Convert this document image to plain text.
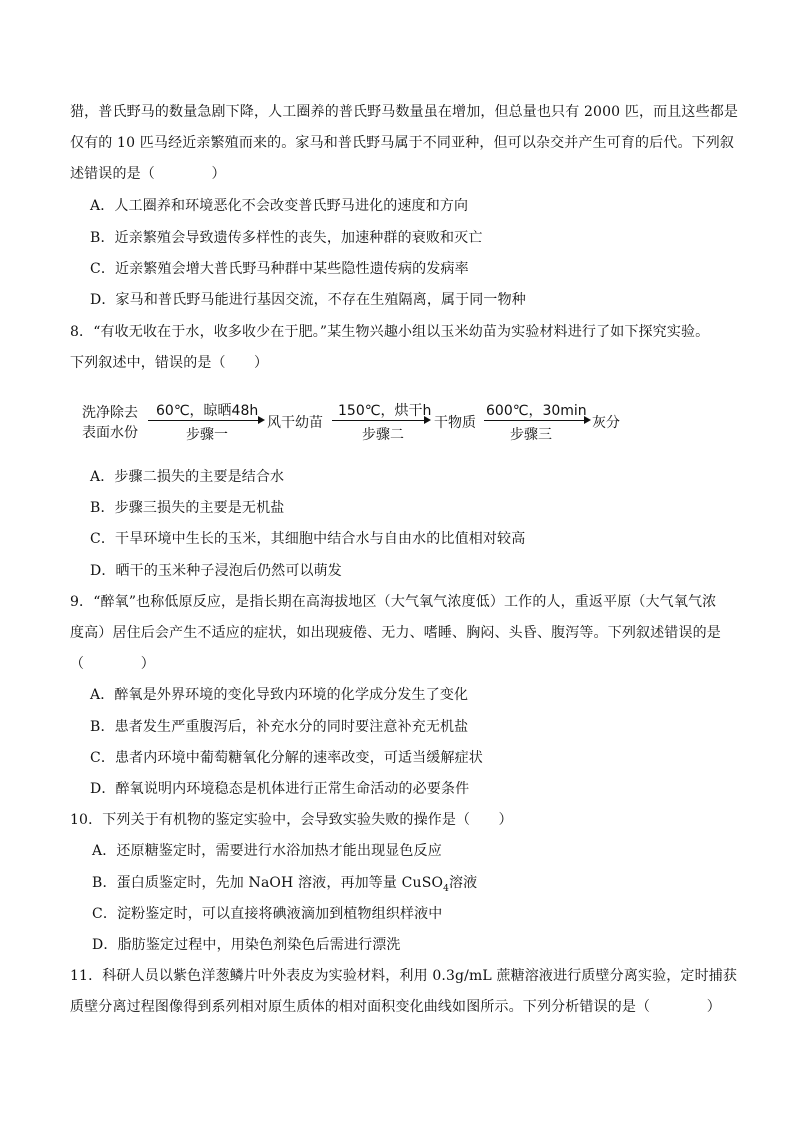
猎，普氏野马的数量急剧下降，人工圈养的普氏野马数量虽在增加，但总量也只有 2000 匹，而且这些都是
仅有的 10 匹马经近亲繁殖而来的。家马和普氏野马属于不同亚种，但可以杂交并产生可育的后代。下列叙
述错误的是（　　　　）
A．人工圈养和环境恶化不会改变普氏野马进化的速度和方向
B．近亲繁殖会导致遗传多样性的丧失，加速种群的衰败和灭亡
C．近亲繁殖会增大普氏野马种群中某些隐性遗传病的发病率
D．家马和普氏野马能进行基因交流，不存在生殖隔离，属于同一物种
8．“有收无收在于水，收多收少在于肥。”某生物兴趣小组以玉米幼苗为实验材料进行了如下探究实验。
下列叙述中，错误的是（　　）
洗净除去
表面水份
60℃，晾晒48h
步骤一
风干幼苗
150℃，烘干h
步骤二
干物质
600℃，30min
步骤三
灰分
A．步骤二损失的主要是结合水
B．步骤三损失的主要是无机盐
C．干旱环境中生长的玉米，其细胞中结合水与自由水的比值相对较高
D．晒干的玉米种子浸泡后仍然可以萌发
9．“醉氧”也称低原反应，是指长期在高海拔地区（大气氧气浓度低）工作的人，重返平原（大气氧气浓
度高）居住后会产生不适应的症状，如出现疲倦、无力、嗜睡、胸闷、头昏、腹泻等。下列叙述错误的是
（　　　　）
A．醉氧是外界环境的变化导致内环境的化学成分发生了变化
B．患者发生严重腹泻后，补充水分的同时要注意补充无机盐
C．患者内环境中葡萄糖氧化分解的速率改变，可适当缓解症状
D．醉氧说明内环境稳态是机体进行正常生命活动的必要条件
10．下列关于有机物的鉴定实验中，会导致实验失败的操作是（　　）
A．还原糖鉴定时，需要进行水浴加热才能出现显色反应
B．蛋白质鉴定时，先加 NaOH 溶液，再加等量 CuSO$_4$溶液
C．淀粉鉴定时，可以直接将碘液滴加到植物组织样液中
D．脂肪鉴定过程中，用染色剂染色后需进行漂洗
11．科研人员以紫色洋葱鳞片叶外表皮为实验材料，利用 0.3g/mL 蔗糖溶液进行质壁分离实验，定时捕获
质壁分离过程图像得到系列相对原生质体的相对面积变化曲线如图所示。下列分析错误的是（　　　　）
